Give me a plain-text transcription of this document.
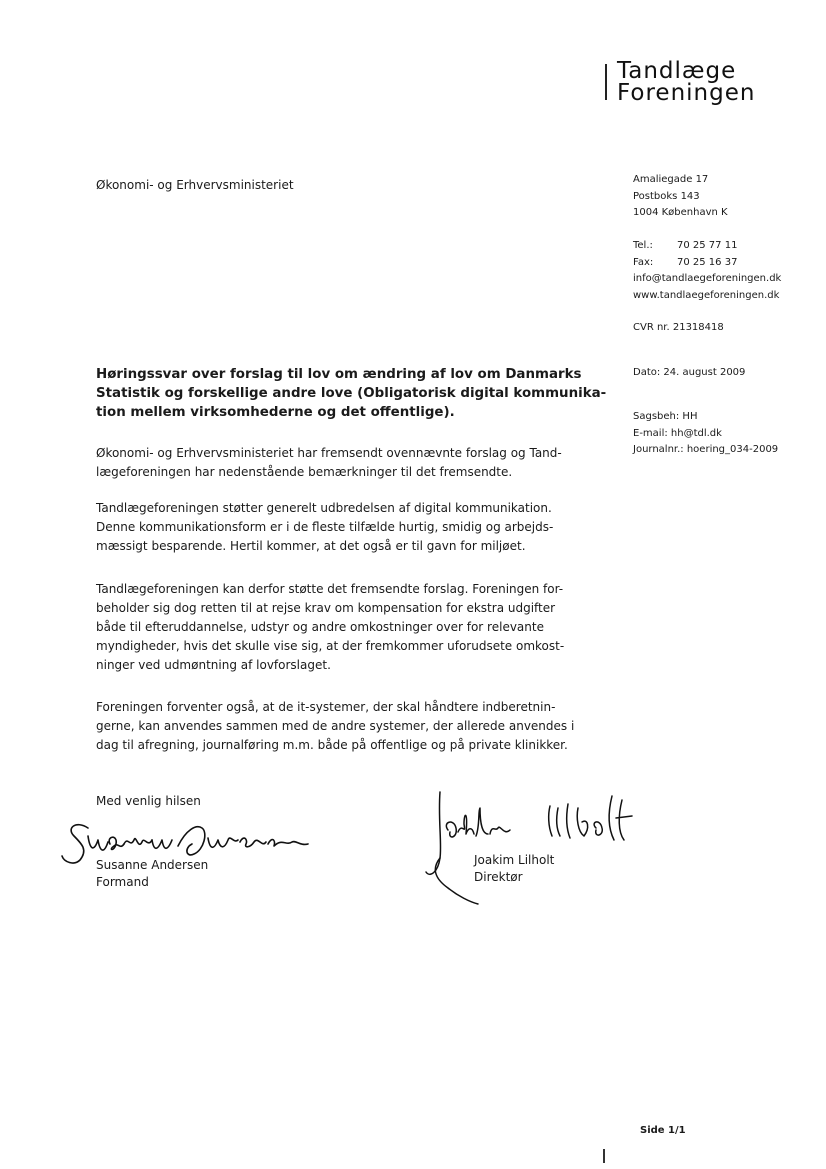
Tandlæge
Foreningen
Økonomi- og Erhvervsministeriet	Amaliegade 17
Postboks 143
1004 København K
Tel.: 70 25 77 11
Fax: 70 25 16 37
info@tandlaegeforeningen.dk
www.tandlaegeforeningen.dk
CVR nr. 21318418
Dato: 24. august 2009
Sagsbeh: HH
E-mail: hh@tdl.dk
Journalnr.: hoering_034-2009
Høringssvar over forslag til lov om ændring af lov om Danmarks
Statistik og forskellige andre love (Obligatorisk digital kommunika-
tion mellem virksomhederne og det offentlige).
Økonomi- og Erhvervsministeriet har fremsendt ovennævnte forslag og Tand-
lægeforeningen har nedenstående bemærkninger til det fremsendte.
Tandlægeforeningen støtter generelt udbredelsen af digital kommunikation.
Denne kommunikationsform er i de fleste tilfælde hurtig, smidig og arbejds-
mæssigt besparende. Hertil kommer, at det også er til gavn for miljøet.
Tandlægeforeningen kan derfor støtte det fremsendte forslag. Foreningen for-
beholder sig dog retten til at rejse krav om kompensation for ekstra udgifter
både til efteruddannelse, udstyr og andre omkostninger over for relevante
myndigheder, hvis det skulle vise sig, at der fremkommer uforudsete omkost-
ninger ved udmøntning af lovforslaget.
Foreningen forventer også, at de it-systemer, der skal håndtere indberetnin-
gerne, kan anvendes sammen med de andre systemer, der allerede anvendes i
dag til afregning, journalføring m.m. både på offentlige og på private klinikker.
Med venlig hilsen
Susanne Andersen
Formand
Joakim Lilholt
Direktør
Side 1/1
